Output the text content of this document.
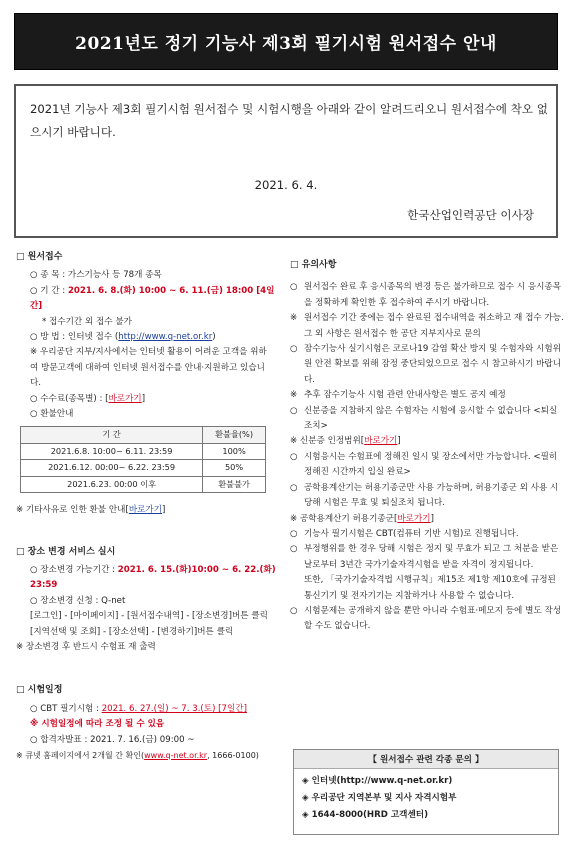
2021년도 정기 기능사 제3회 필기시험 원서접수 안내
2021년 기능사 제3회 필기시험 원서접수 및 시험시행을 아래와 같이 알려드리오니 원서접수에 착오 없으시기 바랍니다.
2021. 6. 4.
한국산업인력공단 이사장
□ 원서접수
○ 종 목 : 가스기능사 등 78개 종목
○ 기 간 : 2021. 6. 8.(화) 10:00 ~ 6. 11.(금) 18:00 [4일간]
* 접수기간 외 접수 불가
○ 방 법 : 인터넷 접수 (http://www.q-net.or.kr)
※ 우리공단 지부/지사에서는 인터넷 활용이 어려운 고객을 위하여 방문고객에 대하여 인터넷 원서접수를 안내·지원하고 있습니다.
○ 수수료(종목별) : [바로가기]
○ 환불안내
기 간	환불율(%)
2021.6.8. 10:00~ 6.11. 23:59	100%
2021.6.12. 00:00~ 6.22. 23:59	50%
2021.6.23. 00:00 이후	환불불가
※ 기타사유로 인한 환불 안내[바로가기]
□ 장소 변경 서비스 실시
○ 장소변경 가능기간 : 2021. 6. 15.(화)10:00 ~ 6. 22.(화) 23:59
○ 장소변경 신청 : Q-net
[로그인] - [마이페이지] - [원서접수내역] - [장소변경]버튼 클릭
[지역선택 및 조회] - [장소선택] - [변경하기]버튼 클릭
※ 장소변경 후 반드시 수험표 재 출력
□ 시험일정
○ CBT 필기시험 : 2021. 6. 27.(일) ~ 7. 3.(토) [7일간]
※ 시험일정에 따라 조정 될 수 있음
○ 합격자발표 : 2021. 7. 16.(금) 09:00 ~
※ 큐넷 홈페이지에서 2개월 간 확인(www.q-net.or.kr, 1666-0100)
□ 유의사항
○ 원서접수 완료 후 응시종목의 변경 등은 불가하므로 접수 시 응시종목을 정확하게 확인한 후 접수하여 주시기 바랍니다.
※ 원서접수 기간 중에는 접수 완료된 접수내역을 취소하고 재 접수 가능. 그 외 사항은 원서접수 한 공단 지부지사로 문의
○ 잠수기능사 실기시험은 코로나19 감염 확산 방지 및 수험자와 시험위원 안전 확보를 위해 잠정 중단되었으므로 접수 시 참고하시기 바랍니다.
※ 추후 잠수기능사 시험 관련 안내사항은 별도 공지 예정
○ 신분증을 지참하지 않은 수험자는 시험에 응시할 수 없습니다 <퇴실 조치>
※ 신분증 인정범위[바로가기]
○ 시험응시는 수험표에 정해진 일시 및 장소에서만 가능합니다. <필히 정해진 시간까지 입실 완료>
○ 공학용계산기는 허용기종군만 사용 가능하며, 허용기종군 외 사용 시 당해 시험은 무효 및 퇴실조치 됩니다.
※ 공학용계산기 허용기종군[바로가기]
○ 기능사 필기시험은 CBT(컴퓨터 기반 시험)로 진행됩니다.
○ 부정행위를 한 경우 당해 시험은 정지 및 무효가 되고 그 처분을 받은 날로부터 3년간 국가기술자격시험을 받을 자격이 정지됩니다.
또한, 「국가기술자격법 시행규칙」제15조 제1항 제10호에 규정된 통신기기 및 전자기기는 지참하거나 사용할 수 없습니다.
○ 시험문제는 공개하지 않을 뿐만 아니라 수험표·메모지 등에 별도 작성할 수도 없습니다.
【 원서접수 관련 각종 문의 】
◈ 인터넷(http://www.q-net.or.kr)
◈ 우리공단 지역본부 및 지사 자격시험부
◈ 1644-8000(HRD 고객센터)
